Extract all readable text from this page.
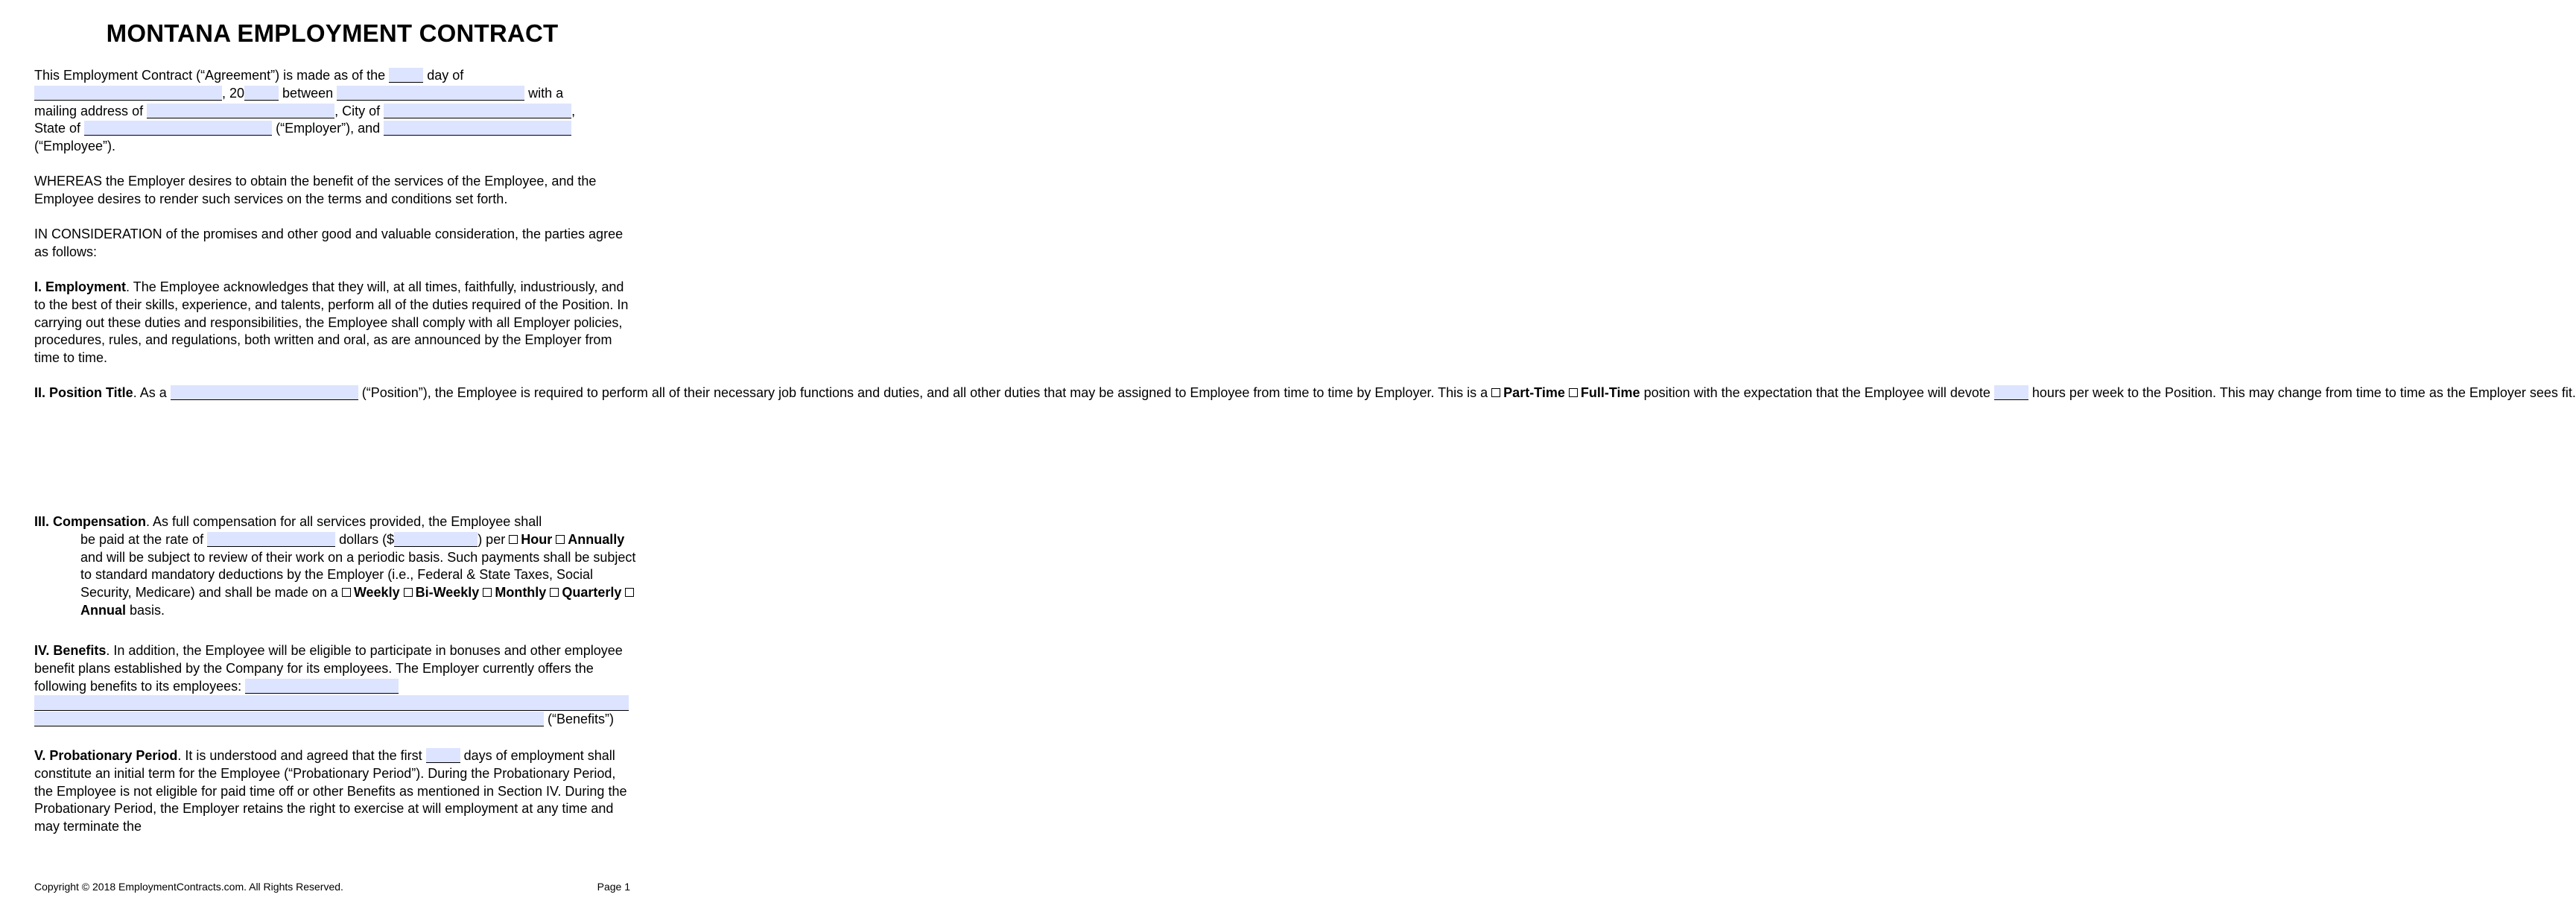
MONTANA EMPLOYMENT CONTRACT
This Employment Contract (“Agreement”) is made as of the	day of
, 20	between	with a
mailing address of	, City of	,
State of	(“Employer”), and
(“Employee”).
WHEREAS the Employer desires to obtain the benefit of the services of the Employee, and the Employee desires to render such services on the terms and conditions set forth.
IN CONSIDERATION of the promises and other good and valuable consideration, the parties agree as follows:
I. Employment. The Employee acknowledges that they will, at all times, faithfully, industriously, and to the best of their skills, experience, and talents, perform all of the duties required of the Position. In carrying out these duties and responsibilities, the Employee shall comply with all Employer policies, procedures, rules, and regulations, both written and oral, as are announced by the Employer from time to time.
II. Position Title. As a	(“Position”), the Employee is required to perform all of their necessary job functions and duties, and all other duties that may be assigned to Employee from time to time by Employer. This is a Part-Time Full-Time position with the expectation that the Employee will devote	hours per week to the Position. This may change from time to time as the Employer sees fit.
III. Compensation. As full compensation for all services provided, the Employee shall
be paid at the rate of	dollars ($	) per Hour Annually and will be subject to review of their work on a periodic basis. Such payments shall be subject to standard mandatory deductions by the Employer (i.e., Federal & State Taxes, Social Security, Medicare) and shall be made on a Weekly Bi-Weekly Monthly Quarterly Annual basis.
IV. Benefits. In addition, the Employee will be eligible to participate in bonuses and other employee benefit plans established by the Company for its employees. The Employer currently offers the following benefits to its employees:
(“Benefits”)
V. Probationary Period. It is understood and agreed that the first	days of employment shall constitute an initial term for the Employee (“Probationary Period”). During the Probationary Period, the Employee is not eligible for paid time off or other Benefits as mentioned in Section IV. During the Probationary Period, the Employer retains the right to exercise at will employment at any time and may terminate the
Copyright © 2018 EmploymentContracts.com. All Rights Reserved.	Page 1
